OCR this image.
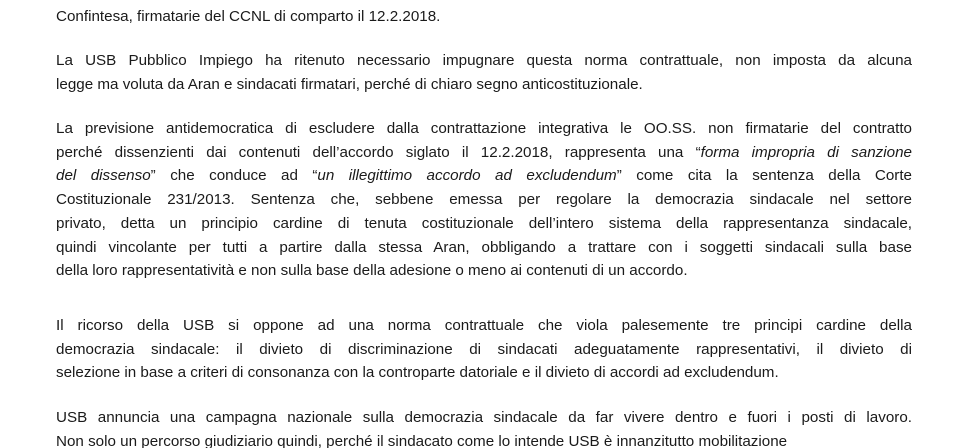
Confintesa, firmatarie del CCNL di comparto il 12.2.2018.
La USB Pubblico Impiego ha ritenuto necessario impugnare questa norma contrattuale, non imposta da alcuna
legge ma voluta da Aran e sindacati firmatari, perché di chiaro segno anticostituzionale.
La previsione antidemocratica di escludere dalla contrattazione integrativa le OO.SS. non firmatarie del contratto
perché dissenzienti dai contenuti dell’accordo siglato il 12.2.2018, rappresenta una “forma impropria di sanzione
del dissenso” che conduce ad “un illegittimo accordo ad excludendum” come cita la sentenza della Corte
Costituzionale 231/2013. Sentenza che, sebbene emessa per regolare la democrazia sindacale nel settore
privato, detta un principio cardine di tenuta costituzionale dell’intero sistema della rappresentanza sindacale,
quindi vincolante per tutti a partire dalla stessa Aran, obbligando a trattare con i soggetti sindacali sulla base
della loro rappresentatività e non sulla base della adesione o meno ai contenuti di un accordo.
Il ricorso della USB si oppone ad una norma contrattuale che viola palesemente tre principi cardine della
democrazia sindacale: il divieto di discriminazione di sindacati adeguatamente rappresentativi, il divieto di
selezione in base a criteri di consonanza con la controparte datoriale e il divieto di accordi ad excludendum.
USB annuncia una campagna nazionale sulla democrazia sindacale da far vivere dentro e fuori i posti di lavoro.
Non solo un percorso giudiziario quindi, perché il sindacato come lo intende USB è innanzitutto mobilitazione
